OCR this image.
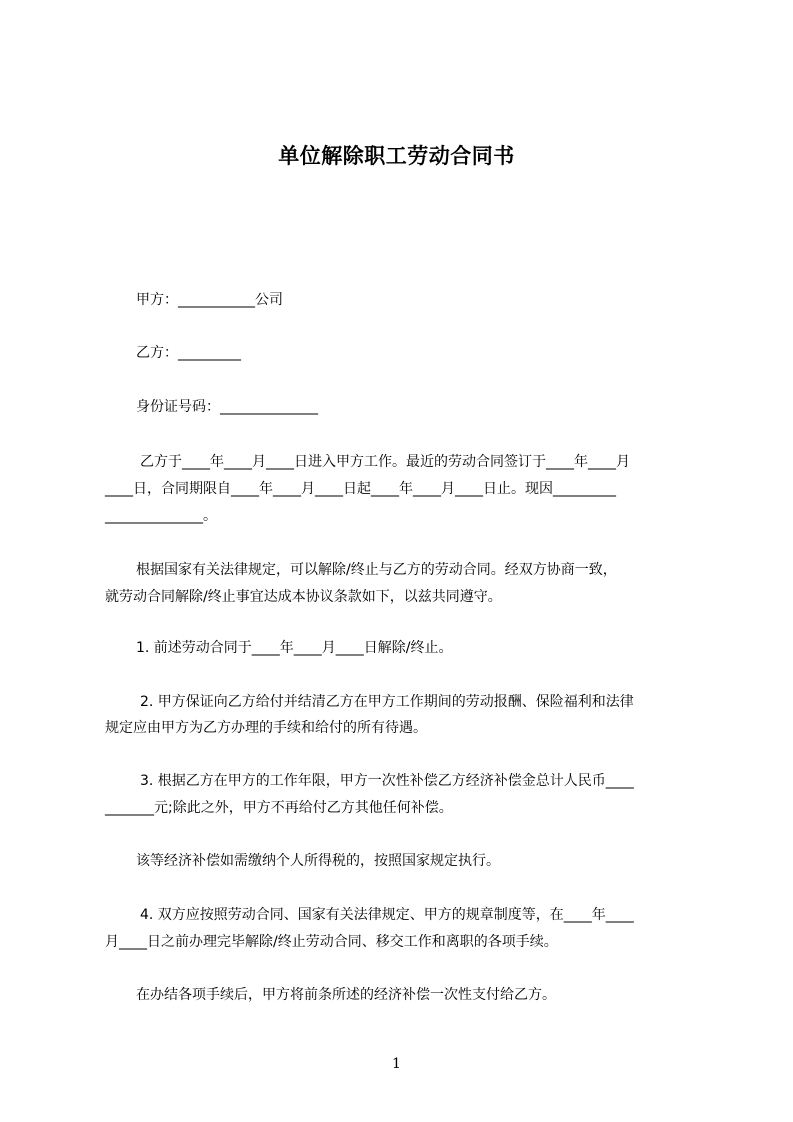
单位解除职工劳动合同书
甲方：___________公司
乙方：_________
身份证号码：______________
乙方于____年____月____日进入甲方工作。最近的劳动合同签订于____年____月
____日，合同期限自____年____月____日起____年____月____日止。现因_________
______________。
根据国家有关法律规定，可以解除/终止与乙方的劳动合同。经双方协商一致，
就劳动合同解除/终止事宜达成本协议条款如下，以兹共同遵守。
1. 前述劳动合同于____年____月____日解除/终止。
2. 甲方保证向乙方给付并结清乙方在甲方工作期间的劳动报酬、保险福利和法律
规定应由甲方为乙方办理的手续和给付的所有待遇。
3. 根据乙方在甲方的工作年限，甲方一次性补偿乙方经济补偿金总计人民币____
_______元;除此之外，甲方不再给付乙方其他任何补偿。
该等经济补偿如需缴纳个人所得税的，按照国家规定执行。
4. 双方应按照劳动合同、国家有关法律规定、甲方的规章制度等，在____年____
月____日之前办理完毕解除/终止劳动合同、移交工作和离职的各项手续。
在办结各项手续后，甲方将前条所述的经济补偿一次性支付给乙方。
1
